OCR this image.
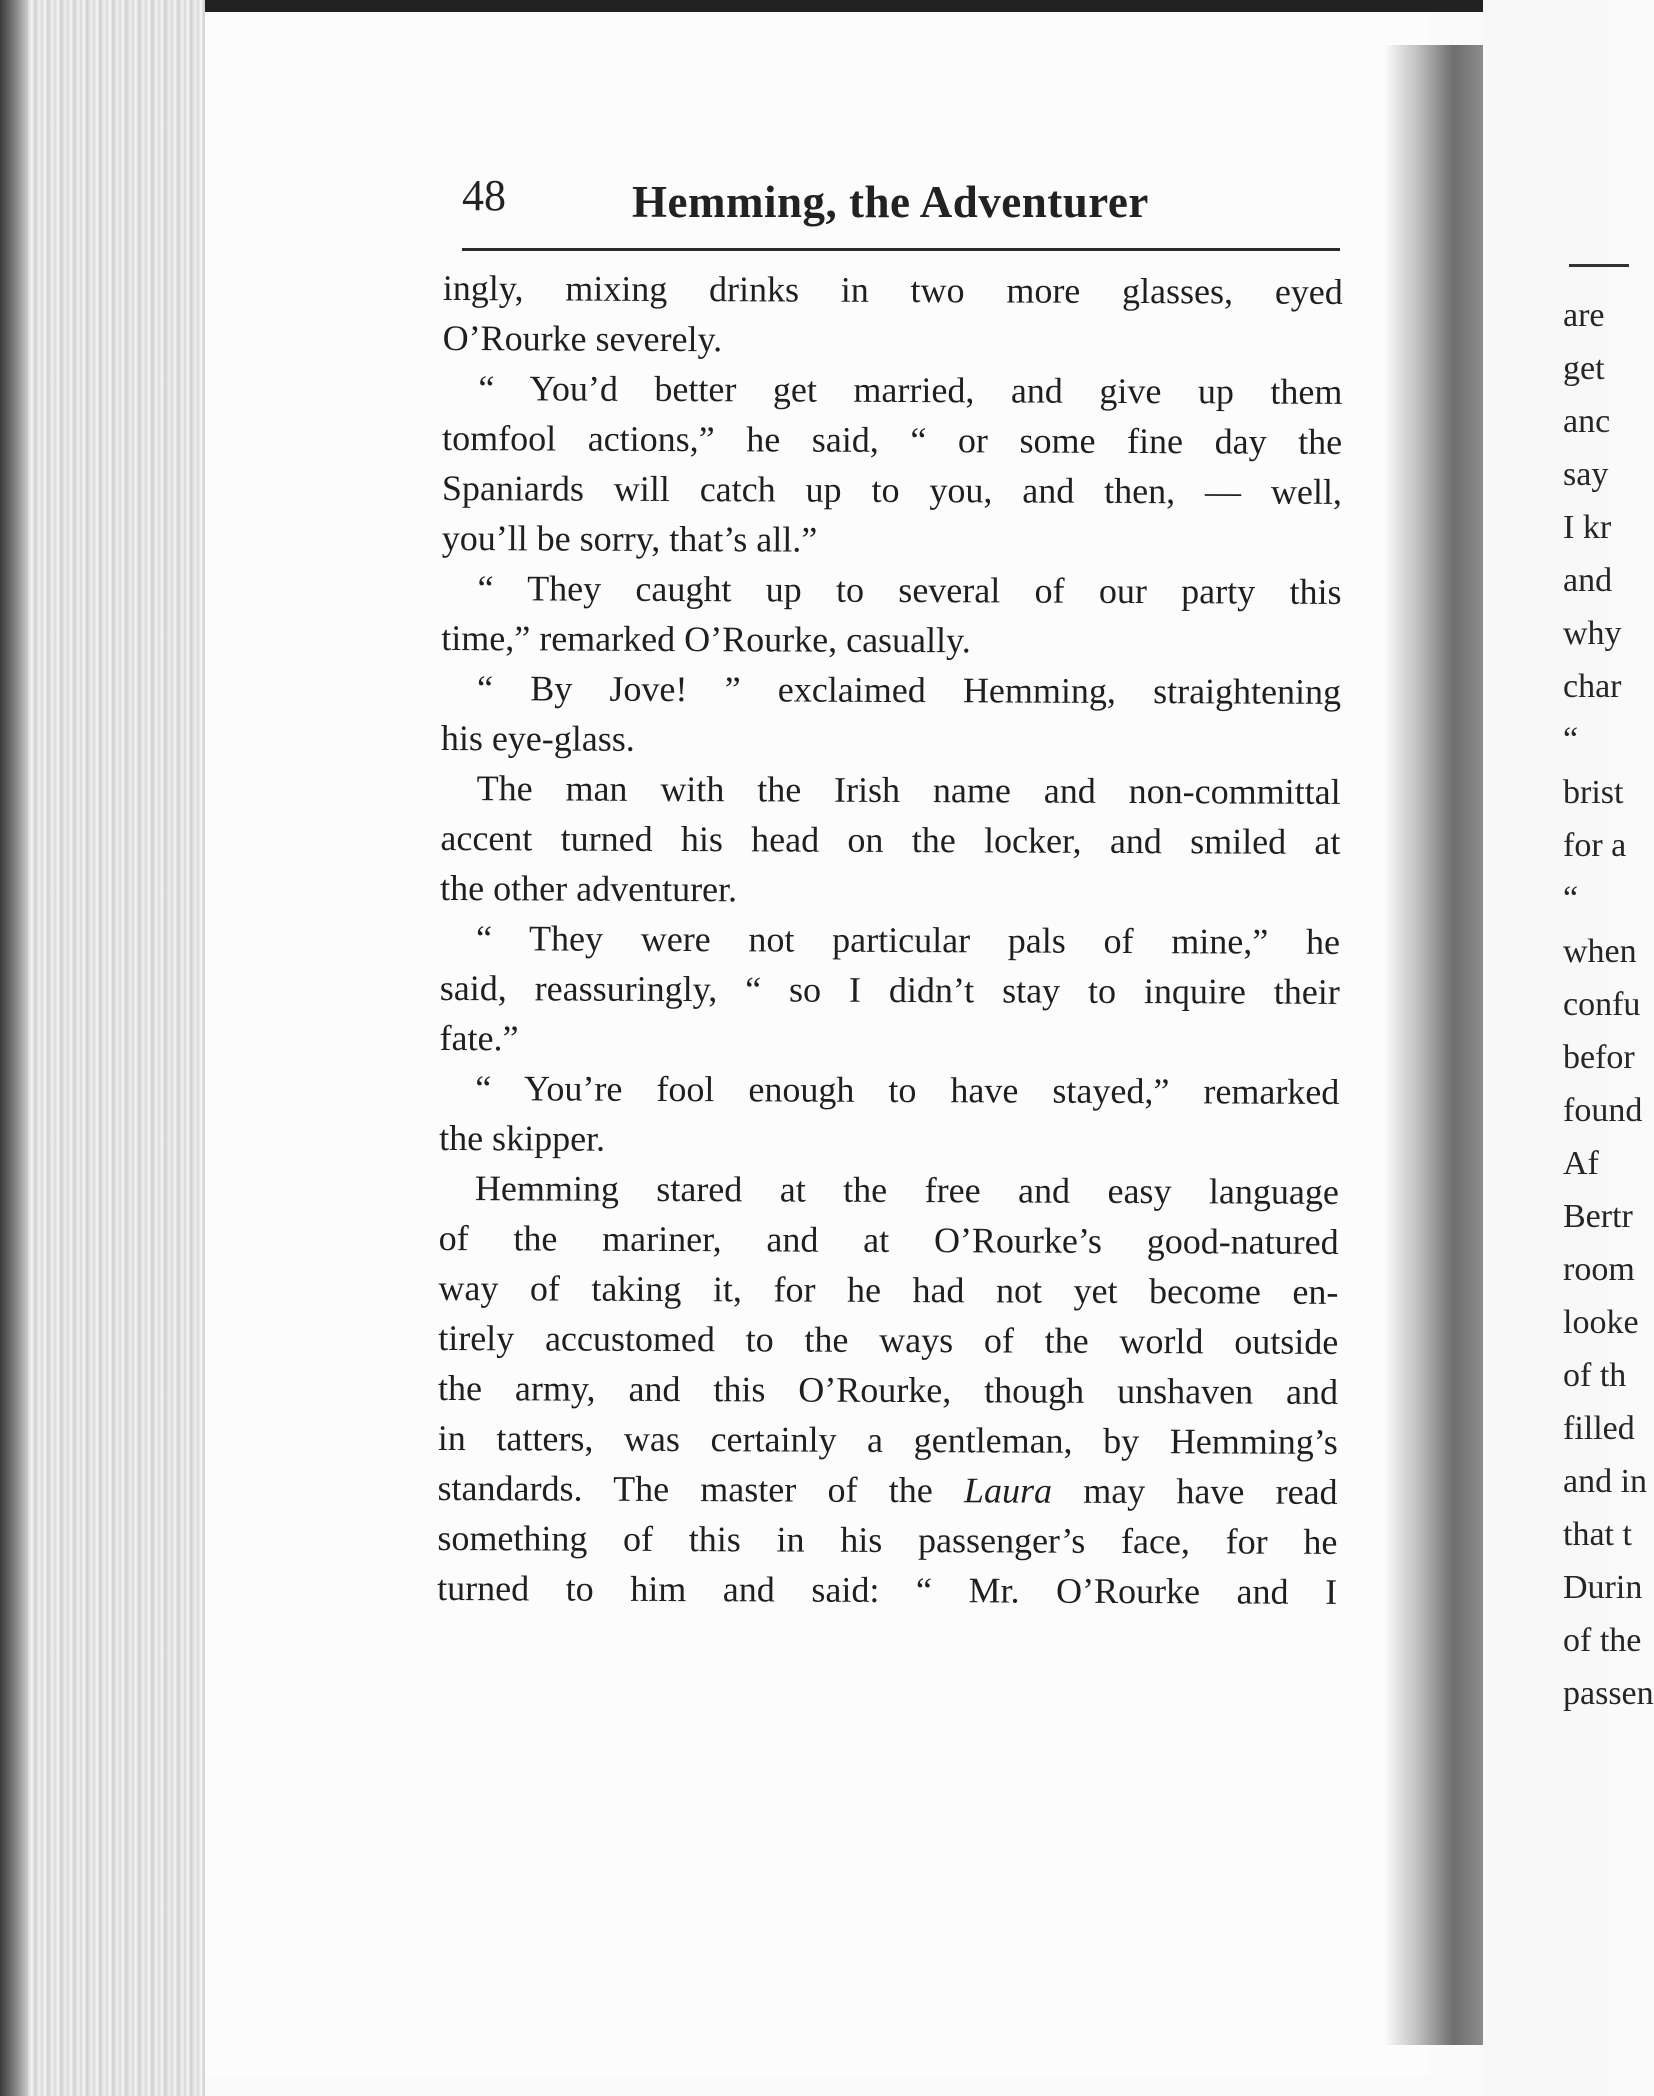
are
get
anc
say
I kr
and
why
char
“
brist
for a
“
when
confu
befor
found
Af
Bertr
room
looke
of th
filled
and in
that t
Durin
of the
passen
48	Hemming, the Adventurer
ingly, mixing drinks in two more glasses, eyed
O’Rourke severely.
“ You’d better get married, and give up them
tomfool actions,” he said, “ or some fine day the
Spaniards will catch up to you, and then, — well,
you’ll be sorry, that’s all.”
“ They caught up to several of our party this
time,” remarked O’Rourke, casually.
“ By Jove! ” exclaimed Hemming, straightening
his eye-glass.
The man with the Irish name and non-committal
accent turned his head on the locker, and smiled at
the other adventurer.
“ They were not particular pals of mine,” he
said, reassuringly, “ so I didn’t stay to inquire their
fate.”
“ You’re fool enough to have stayed,” remarked
the skipper.
Hemming stared at the free and easy language
of the mariner, and at O’Rourke’s good-natured
way of taking it, for he had not yet become en-
tirely accustomed to the ways of the world outside
the army, and this O’Rourke, though unshaven and
in tatters, was certainly a gentleman, by Hemming’s
standards. The master of the Laura may have read
something of this in his passenger’s face, for he
turned to him and said: “ Mr. O’Rourke and I
